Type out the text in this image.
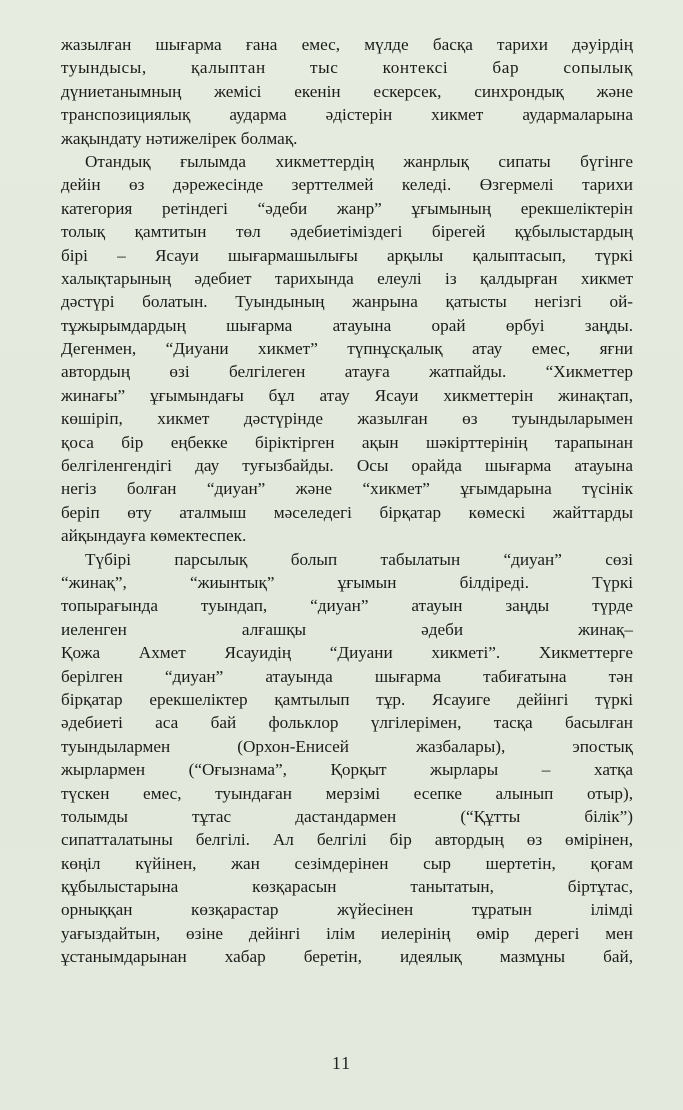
жазылған шығарма ғана емес, мүлде басқа тарихи дәуірдің
туындысы, қалыптан тыс контексі бар сопылық
дүниетанымның жемісі екенін ескерсек, синхрондық және
транспозициялық аударма әдістерін хикмет аудармаларына
жақындату нәтижелірек болмақ.
Отандық ғылымда хикметтердің жанрлық сипаты бүгінге
дейін өз дәрежесінде зерттелмей келеді. Өзгермелі тарихи
категория ретіндегі “әдеби жанр” ұғымының ерекшеліктерін
толық қамтитын төл әдебиетіміздегі бірегей құбылыстардың
бірі – Ясауи шығармашылығы арқылы қалыптасып, түркі
халықтарының әдебиет тарихында елеулі із қалдырған хикмет
дәстүрі болатын. Туындының жанрына қатысты негізгі ой-
тұжырымдардың шығарма атауына орай өрбуі заңды.
Дегенмен, “Диуани хикмет” түпнұсқалық атау емес, яғни
автордың өзі белгілеген атауға жатпайды. “Хикметтер
жинағы” ұғымындағы бұл атау Ясауи хикметтерін жинақтап,
көшіріп, хикмет дәстүрінде жазылған өз туындыларымен
қоса бір еңбекке біріктірген ақын шәкірттерінің тарапынан
белгіленгендігі дау туғызбайды. Осы орайда шығарма атауына
негіз болған “диуан” және “хикмет” ұғымдарына түсінік
беріп өту аталмыш мәселедегі бірқатар көмескі жайттарды
айқындауға көмектеспек.
Түбірі парсылық болып табылатын “диуан” сөзі
“жинақ”, “жиынтық” ұғымын білдіреді. Түркі
топырағында туындап, “диуан” атауын заңды түрде
иеленген алғашқы әдеби жинақ–
Қожа Ахмет Ясауидің “Диуани хикметі”. Хикметтерге
берілген “диуан” атауында шығарма табиғатына тән
бірқатар ерекшеліктер қамтылып тұр. Ясауиге дейінгі түркі
әдебиеті аса бай фольклор үлгілерімен, тасқа басылған
туындылармен (Орхон-Енисей жазбалары), эпостық
жырлармен (“Оғызнама”, Қорқыт жырлары – хатқа
түскен емес, туындаған мерзімі есепке алынып отыр),
толымды тұтас дастандармен (“Құтты білік”)
сипатталатыны белгілі. Ал белгілі бір автордың өз өмірінен,
көңіл күйінен, жан сезімдерінен сыр шертетін, қоғам
құбылыстарына көзқарасын танытатын, біртұтас,
орныққан көзқарастар жүйесінен тұратын ілімді
уағыздайтын, өзіне дейінгі ілім иелерінің өмір дерегі мен
ұстанымдарынан хабар беретін, идеялық мазмұны бай,
11
